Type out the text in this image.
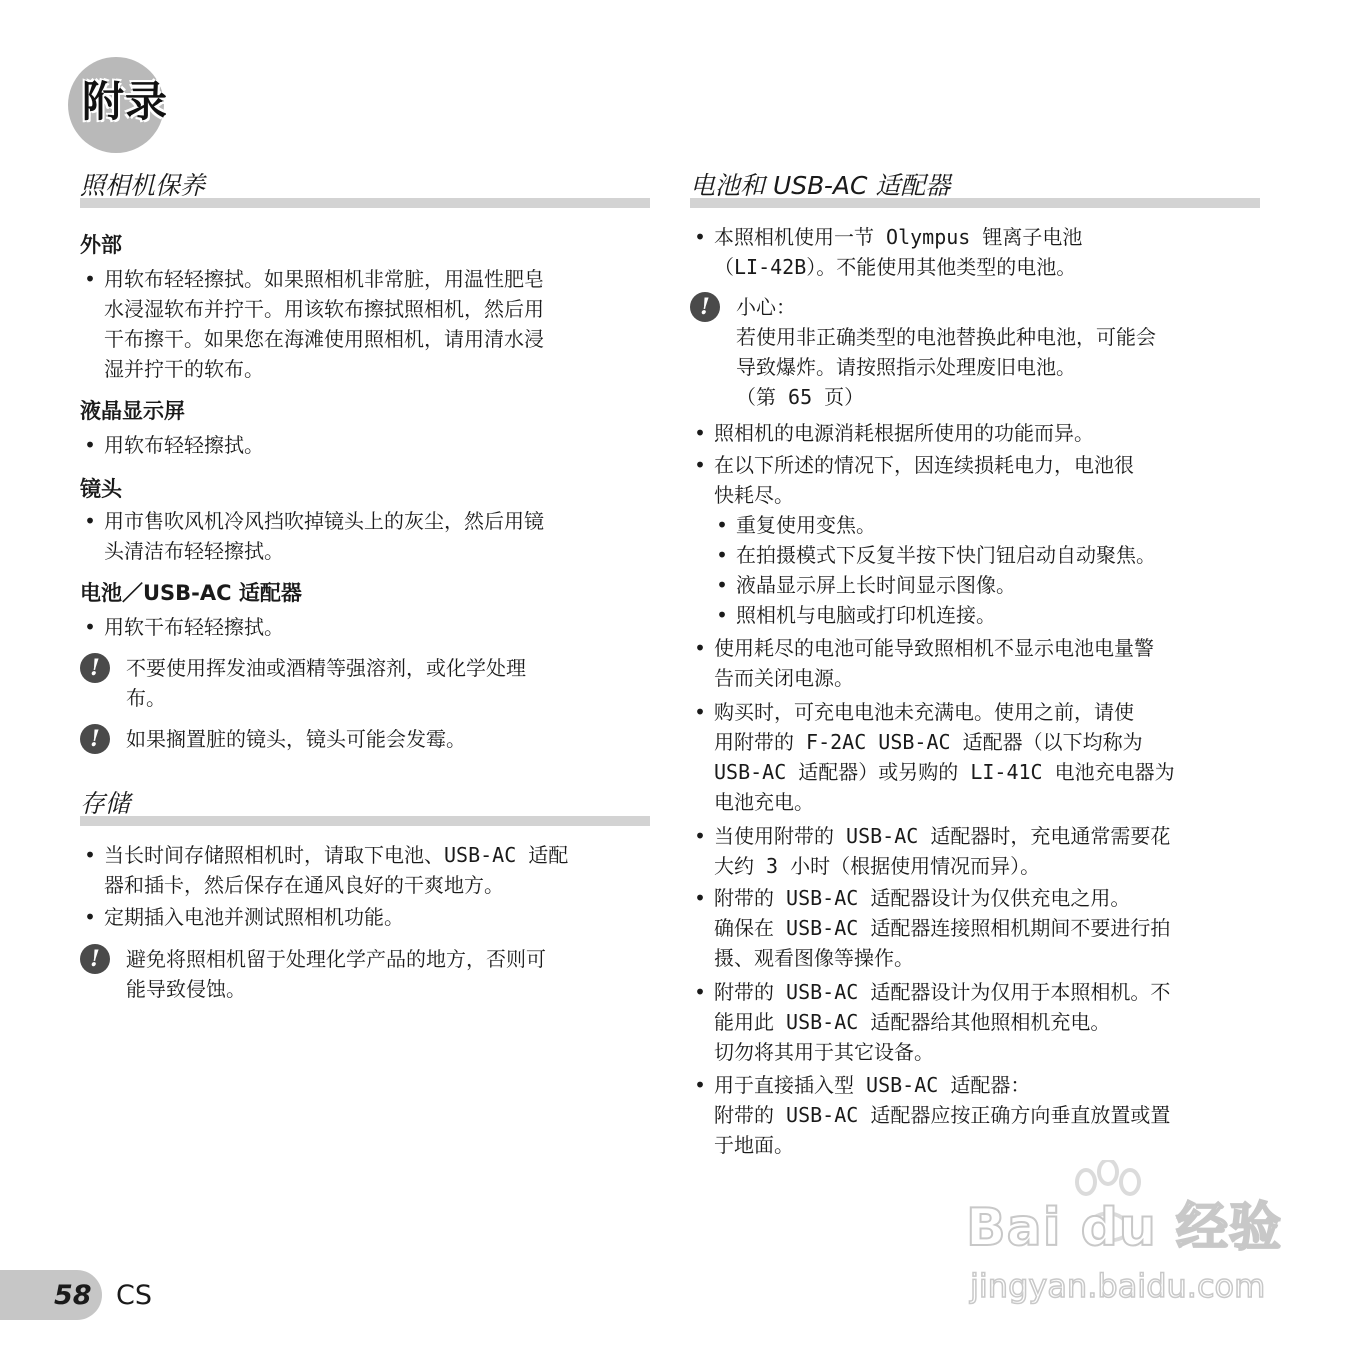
附录
照相机保养
外部
• 用软布轻轻擦拭。如果照相机非常脏，用温性肥皂
水浸湿软布并拧干。用该软布擦拭照相机，然后用
干布擦干。如果您在海滩使用照相机，请用清水浸
湿并拧干的软布。
液晶显示屏
• 用软布轻轻擦拭。
镜头
• 用市售吹风机冷风挡吹掉镜头上的灰尘，然后用镜
头清洁布轻轻擦拭。
电池／USB-AC 适配器
• 用软干布轻轻擦拭。
!	不要使用挥发油或酒精等强溶剂，或化学处理
布。
!	如果搁置脏的镜头，镜头可能会发霉。
存储
• 当长时间存储照相机时，请取下电池、USB-AC 适配
器和插卡，然后保存在通风良好的干爽地方。
• 定期插入电池并测试照相机功能。
!	避免将照相机留于处理化学产品的地方，否则可
能导致侵蚀。
电池和 USB-AC 适配器
• 本照相机使用一节 Olympus 锂离子电池
（LI-42B）。不能使用其他类型的电池。
!	小心：
若使用非正确类型的电池替换此种电池，可能会
导致爆炸。请按照指示处理废旧电池。
（第 65 页）
• 照相机的电源消耗根据所使用的功能而异。
• 在以下所述的情况下，因连续损耗电力，电池很
快耗尽。
• 重复使用变焦。
• 在拍摄模式下反复半按下快门钮启动自动聚焦。
• 液晶显示屏上长时间显示图像。
• 照相机与电脑或打印机连接。
• 使用耗尽的电池可能导致照相机不显示电池电量警
告而关闭电源。
• 购买时，可充电电池未充满电。使用之前，请使
用附带的 F-2AC USB-AC 适配器（以下均称为
USB-AC 适配器）或另购的 LI-41C 电池充电器为
电池充电。
• 当使用附带的 USB-AC 适配器时，充电通常需要花
大约 3 小时（根据使用情况而异）。
• 附带的 USB-AC 适配器设计为仅供充电之用。
确保在 USB-AC 适配器连接照相机期间不要进行拍
摄、观看图像等操作。
• 附带的 USB-AC 适配器设计为仅用于本照相机。不
能用此 USB-AC 适配器给其他照相机充电。
切勿将其用于其它设备。
• 用于直接插入型 USB-AC 适配器：
附带的 USB-AC 适配器应按正确方向垂直放置或置
于地面。
58 CS
Bai du 经验
jingyan.baidu.com
